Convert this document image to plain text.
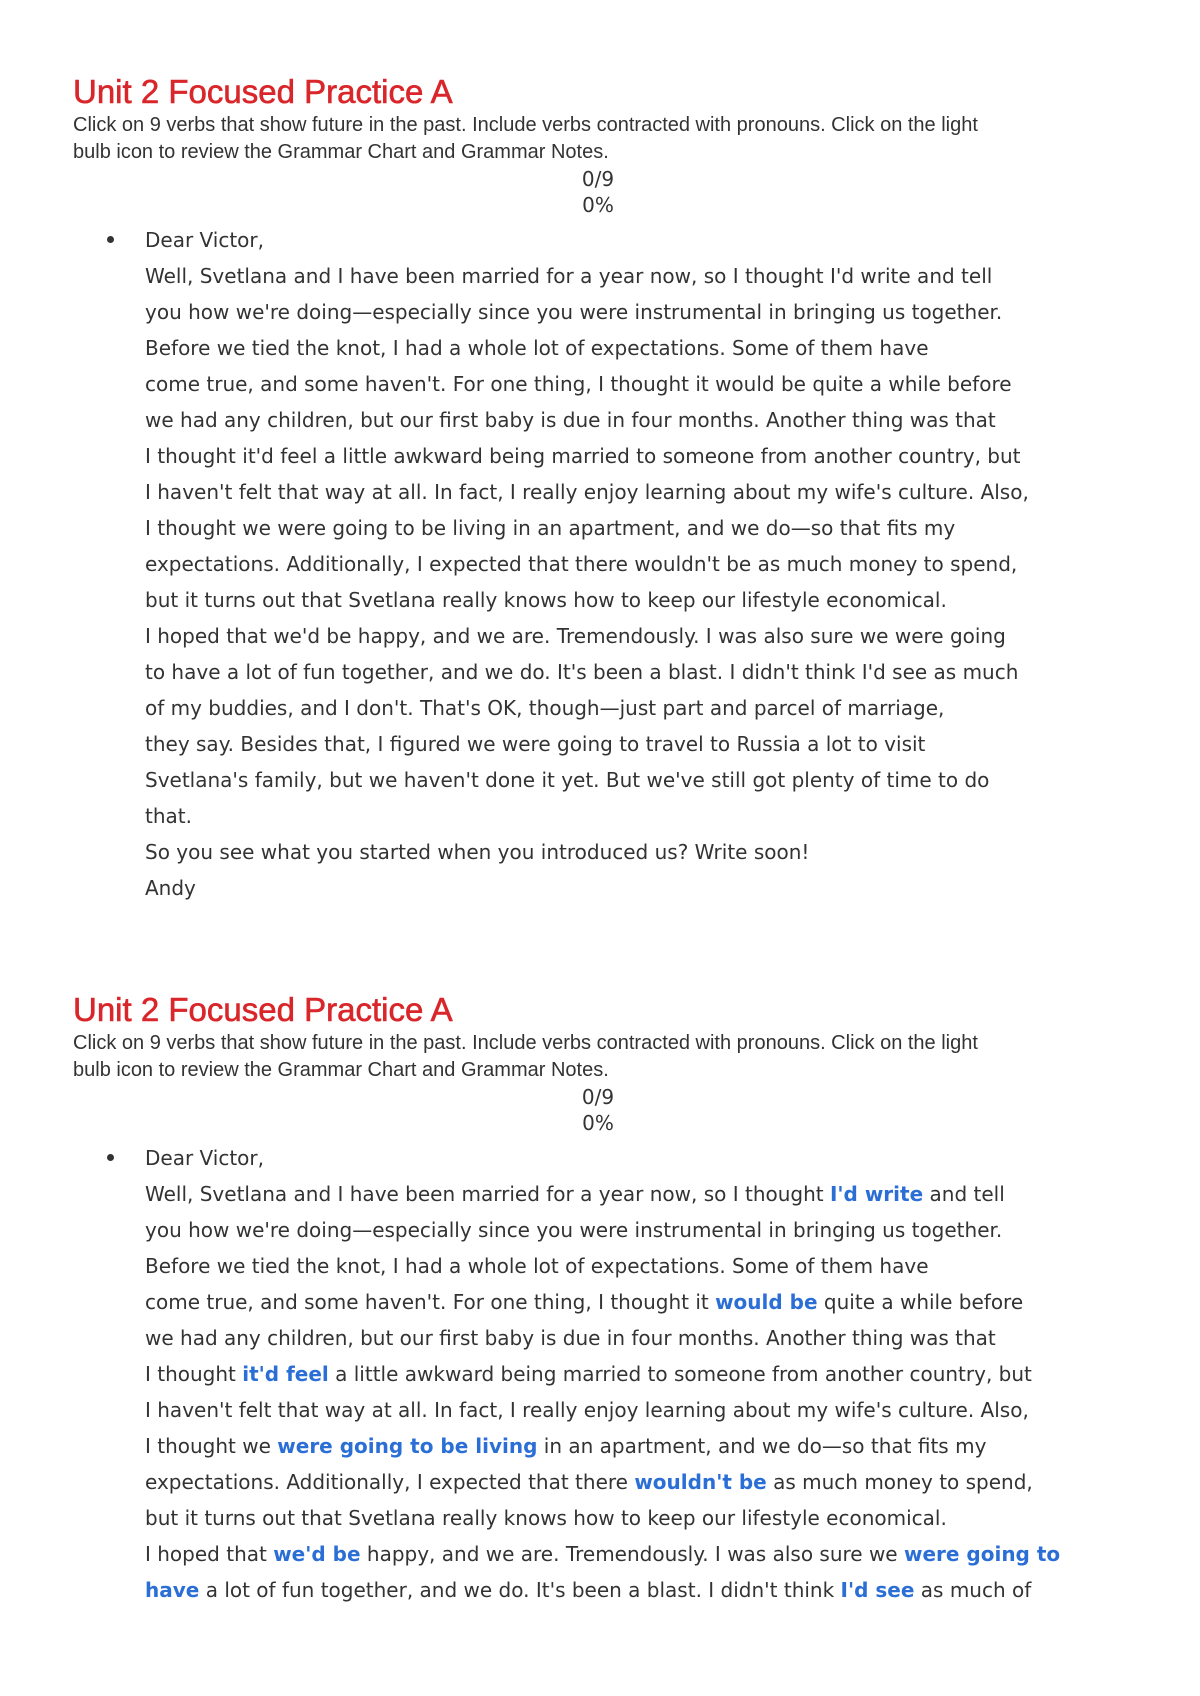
Unit 2 Focused Practice A
Click on 9 verbs that show future in the past. Include verbs contracted with pronouns. Click on the light
bulb icon to review the Grammar Chart and Grammar Notes.
0/9
0%
Dear Victor,
Well, Svetlana and I have been married for a year now, so I thought I'd write and tell
you how we're doing—especially since you were instrumental in bringing us together.
Before we tied the knot, I had a whole lot of expectations. Some of them have
come true, and some haven't. For one thing, I thought it would be quite a while before
we had any children, but our first baby is due in four months. Another thing was that
I thought it'd feel a little awkward being married to someone from another country, but
I haven't felt that way at all. In fact, I really enjoy learning about my wife's culture. Also,
I thought we were going to be living in an apartment, and we do—so that fits my
expectations. Additionally, I expected that there wouldn't be as much money to spend,
but it turns out that Svetlana really knows how to keep our lifestyle economical.
I hoped that we'd be happy, and we are. Tremendously. I was also sure we were going
to have a lot of fun together, and we do. It's been a blast. I didn't think I'd see as much
of my buddies, and I don't. That's OK, though—just part and parcel of marriage,
they say. Besides that, I figured we were going to travel to Russia a lot to visit
Svetlana's family, but we haven't done it yet. But we've still got plenty of time to do
that.
So you see what you started when you introduced us? Write soon!
Andy
Unit 2 Focused Practice A
Click on 9 verbs that show future in the past. Include verbs contracted with pronouns. Click on the light
bulb icon to review the Grammar Chart and Grammar Notes.
0/9
0%
Dear Victor,
Well, Svetlana and I have been married for a year now, so I thought I'd write and tell
you how we're doing—especially since you were instrumental in bringing us together.
Before we tied the knot, I had a whole lot of expectations. Some of them have
come true, and some haven't. For one thing, I thought it would be quite a while before
we had any children, but our first baby is due in four months. Another thing was that
I thought it'd feel a little awkward being married to someone from another country, but
I haven't felt that way at all. In fact, I really enjoy learning about my wife's culture. Also,
I thought we were going to be living in an apartment, and we do—so that fits my
expectations. Additionally, I expected that there wouldn't be as much money to spend,
but it turns out that Svetlana really knows how to keep our lifestyle economical.
I hoped that we'd be happy, and we are. Tremendously. I was also sure we were going to
have a lot of fun together, and we do. It's been a blast. I didn't think I'd see as much of
